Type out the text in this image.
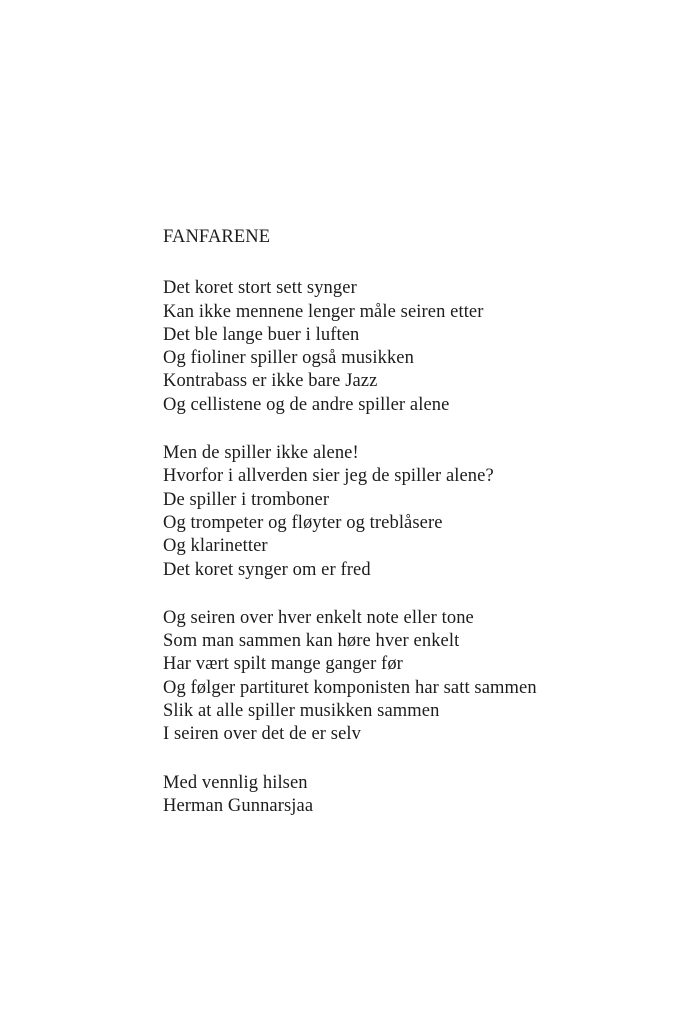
FANFARENE
Det koret stort sett synger
Kan ikke mennene lenger måle seiren etter
Det ble lange buer i luften
Og fioliner spiller også musikken
Kontrabass er ikke bare Jazz
Og cellistene og de andre spiller alene
Men de spiller ikke alene!
Hvorfor i allverden sier jeg de spiller alene?
De spiller i tromboner
Og trompeter og fløyter og treblåsere
Og klarinetter
Det koret synger om er fred
Og seiren over hver enkelt note eller tone
Som man sammen kan høre hver enkelt
Har vært spilt mange ganger før
Og følger partituret komponisten har satt sammen
Slik at alle spiller musikken sammen
I seiren over det de er selv
Med vennlig hilsen
Herman Gunnarsjaa
